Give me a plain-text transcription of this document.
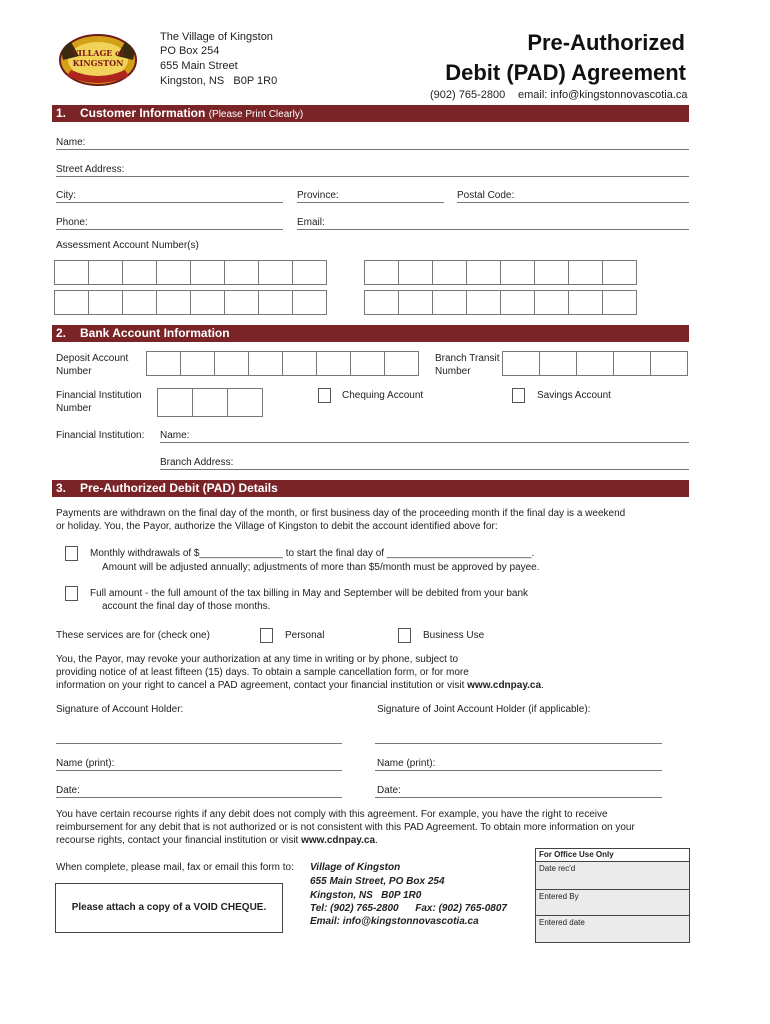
VILLAGE of KINGSTON
The Village of Kingston
PO Box 254
655 Main Street
Kingston, NS   B0P 1R0
Pre-Authorized
Debit (PAD) Agreement
(902) 765-2800 email: info@kingstonnovascotia.ca
1. Customer Information (Please Print Clearly)
Name:
Street Address:
City:	Province:	Postal Code:
Phone:	Email:
Assessment Account Number(s)
2. Bank Account Information
Deposit Account
Number
Branch Transit
Number
Financial Institution
Number
Chequing Account	Savings Account
Financial Institution: Name:
Branch Address:
3. Pre-Authorized Debit (PAD) Details
Payments are withdrawn on the final day of the month, or first business day of the proceeding month if the final day is a weekend
or holiday. You, the Payor, authorize the Village of Kingston to debit the account identified above for:
Monthly withdrawals of $_______________ to start the final day of __________________________.
Amount will be adjusted annually; adjustments of more than $5/month must be approved by payee.
Full amount - the full amount of the tax billing in May and September will be debited from your bank
account the final day of those months.
These services are for (check one)	Personal	Business Use
You, the Payor, may revoke your authorization at any time in writing or by phone, subject to
providing notice of at least fifteen (15) days. To obtain a sample cancellation form, or for more
information on your right to cancel a PAD agreement, contact your financial institution or visit www.cdnpay.ca.
Signature of Account Holder:	Signature of Joint Account Holder (if applicable):
Name (print):	Name (print):
Date:	Date:
You have certain recourse rights if any debit does not comply with this agreement. For example, you have the right to receive
reimbursement for any debit that is not authorized or is not consistent with this PAD Agreement. To obtain more information on your
recourse rights, contact your financial institution or visit www.cdnpay.ca.
When complete, please mail, fax or email this form to:
Please attach a copy of a VOID CHEQUE.
Village of Kingston
655 Main Street, PO Box 254
Kingston, NS   B0P 1R0
Tel: (902) 765-2800      Fax: (902) 765-0807
Email: info@kingstonnovascotia.ca
For Office Use Only
Date rec'd
Entered By
Entered date
